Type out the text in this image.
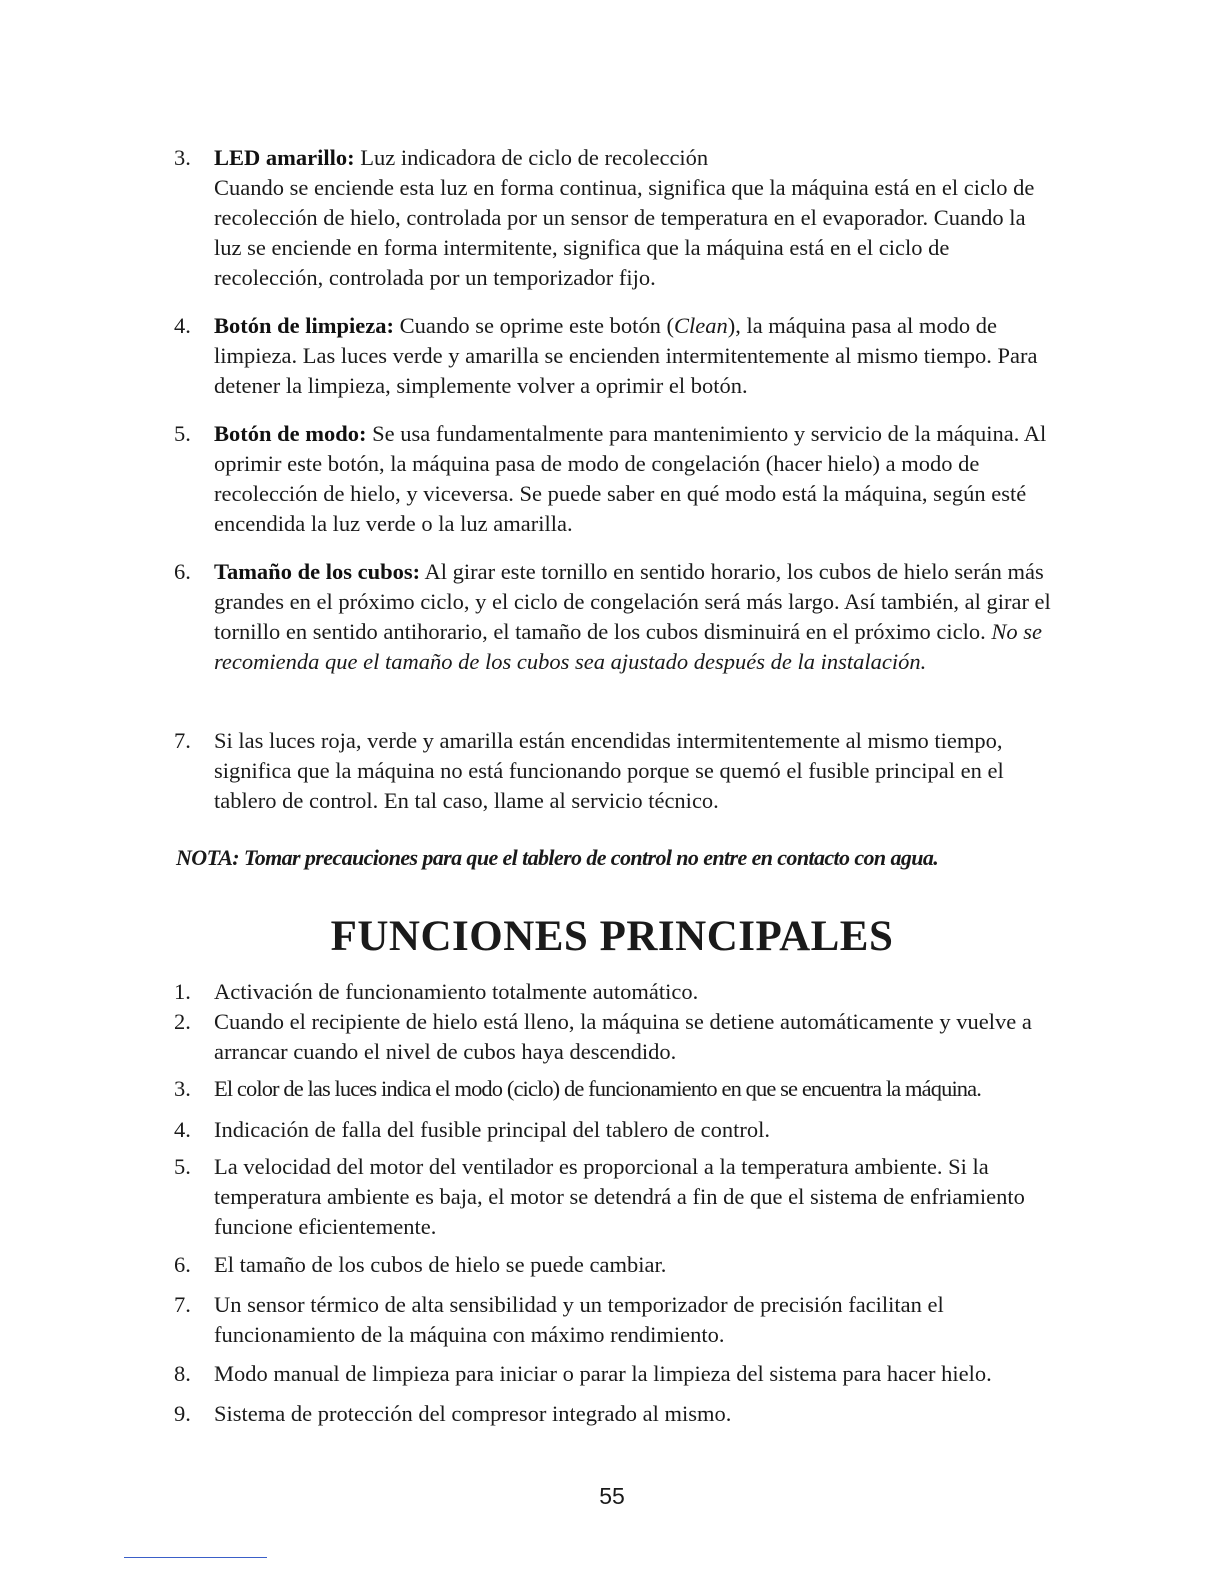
3.	LED amarillo: Luz indicadora de ciclo de recolección
Cuando se enciende esta luz en forma continua, significa que la máquina está en el ciclo de recolección de hielo, controlada por un sensor de temperatura en el evaporador. Cuando la luz se enciende en forma intermitente, significa que la máquina está en el ciclo de recolección, controlada por un temporizador fijo.
4.	Botón de limpieza: Cuando se oprime este botón (Clean), la máquina pasa al modo de limpieza. Las luces verde y amarilla se encienden intermitentemente al mismo tiempo. Para detener la limpieza, simplemente volver a oprimir el botón.
5.	Botón de modo: Se usa fundamentalmente para mantenimiento y servicio de la máquina. Al oprimir este botón, la máquina pasa de modo de congelación (hacer hielo) a modo de recolección de hielo, y viceversa. Se puede saber en qué modo está la máquina, según esté encendida la luz verde o la luz amarilla.
6.	Tamaño de los cubos: Al girar este tornillo en sentido horario, los cubos de hielo serán más grandes en el próximo ciclo, y el ciclo de congelación será más largo. Así también, al girar el tornillo en sentido antihorario, el tamaño de los cubos disminuirá en el próximo ciclo. No se recomienda que el tamaño de los cubos sea ajustado después de la instalación.
7.	Si las luces roja, verde y amarilla están encendidas intermitentemente al mismo tiempo, significa que la máquina no está funcionando porque se quemó el fusible principal en el tablero de control. En tal caso, llame al servicio técnico.
NOTA: Tomar precauciones para que el tablero de control no entre en contacto con agua.
FUNCIONES PRINCIPALES
1.	Activación de funcionamiento totalmente automático.
2.	Cuando el recipiente de hielo está lleno, la máquina se detiene automáticamente y vuelve a arrancar cuando el nivel de cubos haya descendido.
3.	El color de las luces indica el modo (ciclo) de funcionamiento en que se encuentra la máquina.
4.	Indicación de falla del fusible principal del tablero de control.
5.	La velocidad del motor del ventilador es proporcional a la temperatura ambiente. Si la temperatura ambiente es baja, el motor se detendrá a fin de que el sistema de enfriamiento funcione eficientemente.
6.	El tamaño de los cubos de hielo se puede cambiar.
7.	Un sensor térmico de alta sensibilidad y un temporizador de precisión facilitan el funcionamiento de la máquina con máximo rendimiento.
8.	Modo manual de limpieza para iniciar o parar la limpieza del sistema para hacer hielo.
9.	Sistema de protección del compresor integrado al mismo.
55
